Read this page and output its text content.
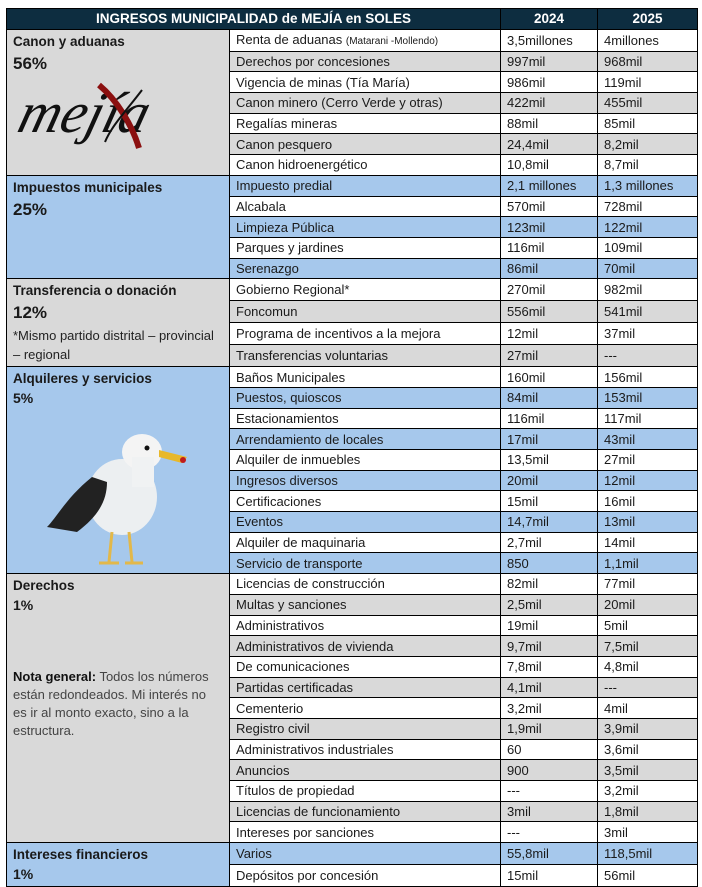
INGRESOS MUNICIPALIDAD de MEJÍA en SOLES		2024	2025

Canon y aduanas
56%
mejía	Renta de aduanas (Matarani -Mollendo)	3,5millones	4millones
	Derechos por concesiones	997mil	968mil
	Vigencia de minas (Tía María)	986mil	119mil
	Canon minero (Cerro Verde y otras)	422mil	455mil
	Regalías mineras	88mil	85mil
	Canon pesquero	24,4mil	8,2mil
	Canon hidroenergético	10,8mil	8,7mil

Impuestos municipales
25%	Impuesto predial	2,1 millones	1,3 millones
	Alcabala	570mil	728mil
	Limpieza Pública	123mil	122mil
	Parques y jardines	116mil	109mil
	Serenazgo	86mil	70mil

Transferencia o donación
12%
*Mismo partido distrital – provincial – regional	Gobierno Regional*	270mil	982mil
	Foncomun	556mil	541mil
	Programa de incentivos a la mejora	12mil	37mil
	Transferencias voluntarias	27mil	---

Alquileres y servicios
5%	Baños Municipales	160mil	156mil
	Puestos, quioscos	84mil	153mil
	Estacionamientos	116mil	117mil
	Arrendamiento de locales	17mil	43mil
	Alquiler de inmuebles	13,5mil	27mil
	Ingresos diversos	20mil	12mil
	Certificaciones	15mil	16mil
	Eventos	14,7mil	13mil
	Alquiler de maquinaria	2,7mil	14mil
	Servicio de transporte	850	1,1mil

Derechos
1%
Nota general: Todos los números están redondeados. Mi interés no es ir al monto exacto, sino a la estructura.	Licencias de construcción	82mil	77mil
	Multas y sanciones	2,5mil	20mil
	Administrativos	19mil	5mil
	Administrativos de vivienda	9,7mil	7,5mil
	De comunicaciones	7,8mil	4,8mil
	Partidas certificadas	4,1mil	---
	Cementerio	3,2mil	4mil
	Registro civil	1,9mil	3,9mil
	Administrativos industriales	60	3,6mil
	Anuncios	900	3,5mil
	Títulos de propiedad	---	3,2mil
	Licencias de funcionamiento	3mil	1,8mil
	Intereses por sanciones	---	3mil

Intereses financieros
1%	Varios	55,8mil	118,5mil
	Depósitos por concesión	15mil	56mil
